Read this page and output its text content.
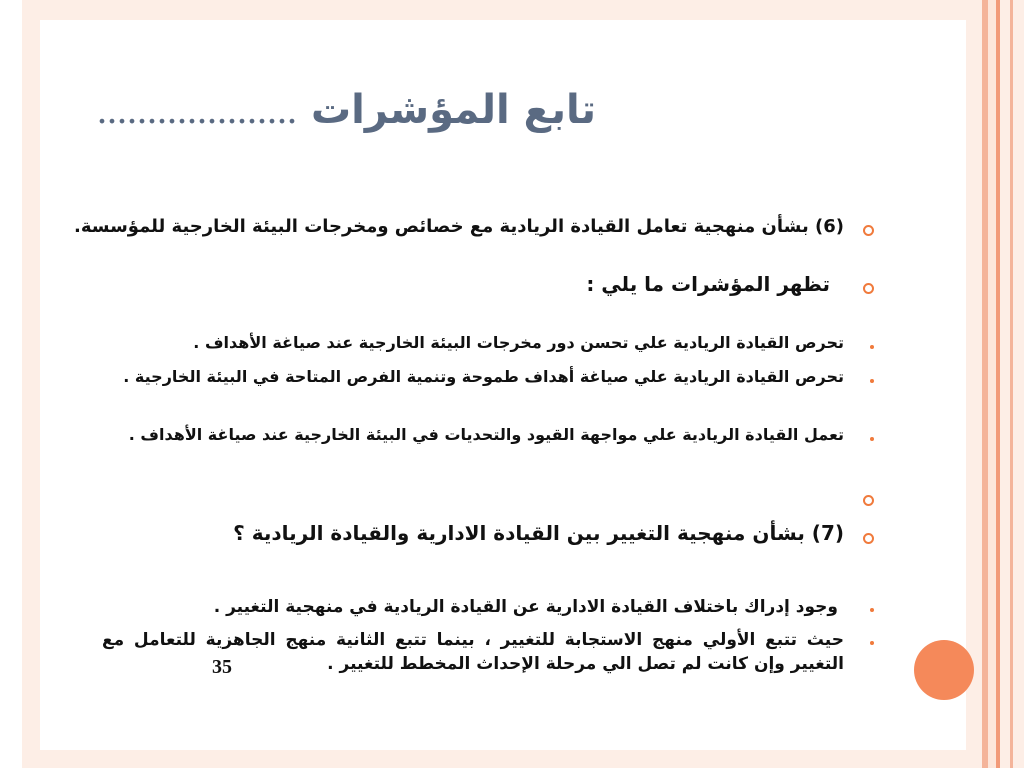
تابع المؤشرات ....................
(6) بشأن منهجية تعامل القيادة الريادية مع خصائص ومخرجات البيئة الخارجية للمؤسسة.
تظهر المؤشرات ما يلي :
تحرص القيادة الريادية علي تحسن دور مخرجات البيئة الخارجية عند صياغة الأهداف .
تحرص القيادة الريادية علي صياغة أهداف طموحة وتنمية الفرص المتاحة في البيئة الخارجية .
تعمل القيادة الريادية علي مواجهة القيود والتحديات في البيئة الخارجية عند صياغة الأهداف .
(7) بشأن منهجية التغيير بين القيادة الادارية والقيادة الريادية ؟
وجود إدراك باختلاف القيادة الادارية عن القيادة الريادية في منهجية التغيير .
حيث تتبع الأولي منهج الاستجابة للتغيير ، بينما تتبع الثانية منهج الجاهزية للتعامل مع التغيير وإن كانت لم تصل الي مرحلة الإحداث المخطط للتغيير .
35
